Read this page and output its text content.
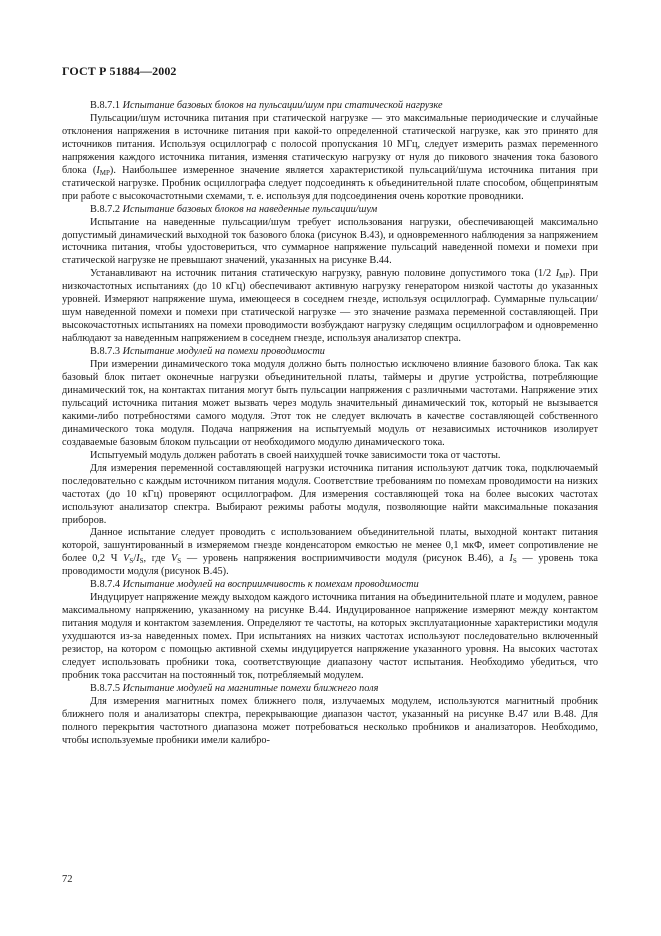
ГОСТ Р 51884—2002

В.8.7.1 Испытание базовых блоков на пульсации/шум при статической нагрузке

Пульсации/шум источника питания при статической нагрузке — это максимальные периодические и случайные отклонения напряжения в источнике питания при какой-то определенной статической нагрузке, как это принято для источников питания. Используя осциллограф с полосой пропускания 10 МГц, следует измерить размах переменного напряжения каждого источника питания, изменяя статическую нагрузку от нуля до пикового значения тока базового блока $(I_{MP})$. Наибольшее измеренное значение является характеристикой пульсаций/шума источника питания при статической нагрузке. Пробник осциллографа следует подсоединять к объединительной плате способом, общепринятым при работе с высокочастотными схемами, т. е. используя для подсоединения очень короткие проводники.

В.8.7.2 Испытание базовых блоков на наведенные пульсации/шум

Испытание на наведенные пульсации/шум требует использования нагрузки, обеспечивающей максимально допустимый динамический выходной ток базового блока (рисунок В.43), и одновременного наблюдения за напряжением источника питания, чтобы удостовериться, что суммарное напряжение пульсаций наведенной помехи и помехи при статической нагрузке не превышают значений, указанных на рисунке В.44.

Устанавливают на источник питания статическую нагрузку, равную половине допустимого тока (1/2 $I_{MP}$). При низкочастотных испытаниях (до 10 кГц) обеспечивают активную нагрузку генератором низкой частоты до указанных уровней. Измеряют напряжение шума, имеющееся в соседнем гнезде, используя осциллограф. Суммарные пульсации/шум наведенной помехи и помехи при статической нагрузке — это значение размаха переменной составляющей. При высокочастотных испытаниях на помехи проводимости возбуждают нагрузку следящим осциллографом и одновременно наблюдают за наведенным напряжением в соседнем гнезде, используя анализатор спектра.

В.8.7.3 Испытание модулей на помехи проводимости

При измерении динамического тока модуля должно быть полностью исключено влияние базового блока. Так как базовый блок питает оконечные нагрузки объединительной платы, таймеры и другие устройства, потребляющие динамический ток, на контактах питания могут быть пульсации напряжения с различными частотами. Напряжение этих пульсаций источника питания может вызвать через модуль значительный динамический ток, который не вызывается какими-либо потребностями самого модуля. Этот ток не следует включать в качестве составляющей собственного динамического тока модуля. Подача напряжения на испытуемый модуль от независимых источников изолирует создаваемые базовым блоком пульсации от необходимого модулю динамического тока.

Испытуемый модуль должен работать в своей наихудшей точке зависимости тока от частоты.

Для измерения переменной составляющей нагрузки источника питания используют датчик тока, подключаемый последовательно с каждым источником питания модуля. Соответствие требованиям по помехам проводимости на низких частотах (до 10 кГц) проверяют осциллографом. Для измерения составляющей тока на более высоких частотах используют анализатор спектра. Выбирают режимы работы модуля, позволяющие найти максимальные показания приборов.

Данное испытание следует проводить с использованием объединительной платы, выходной контакт питания которой, зашунтированный в измеряемом гнезде конденсатором емкостью не менее 0,1 мкФ, имеет сопротивление не более 0,2 Ч $V_S/I_S$, где $V_S$ — уровень напряжения восприимчивости модуля (рисунок В.46), а $I_S$ — уровень тока проводимости модуля (рисунок В.45).

В.8.7.4 Испытание модулей на восприимчивость к помехам проводимости

Индуцирует напряжение между выходом каждого источника питания на объединительной плате и модулем, равное максимальному напряжению, указанному на рисунке В.44. Индуцированное напряжение измеряют между контактом питания модуля и контактом заземления. Определяют те частоты, на которых эксплуатационные характеристики модуля ухудшаются из-за наведенных помех. При испытаниях на низких частотах используют последовательно включенный резистор, на котором с помощью активной схемы индуцируется напряжение указанного уровня. На высоких частотах следует использовать пробники тока, соответствующие диапазону частот испытания. Необходимо убедиться, что пробник тока рассчитан на постоянный ток, потребляемый модулем.

В.8.7.5 Испытание модулей на магнитные помехи ближнего поля

Для измерения магнитных помех ближнего поля, излучаемых модулем, используются магнитный пробник ближнего поля и анализаторы спектра, перекрывающие диапазон частот, указанный на рисунке В.47 или В.48. Для полного перекрытия частотного диапазона может потребоваться несколько пробников и анализаторов. Необходимо, чтобы используемые пробники имели калибро-

72
